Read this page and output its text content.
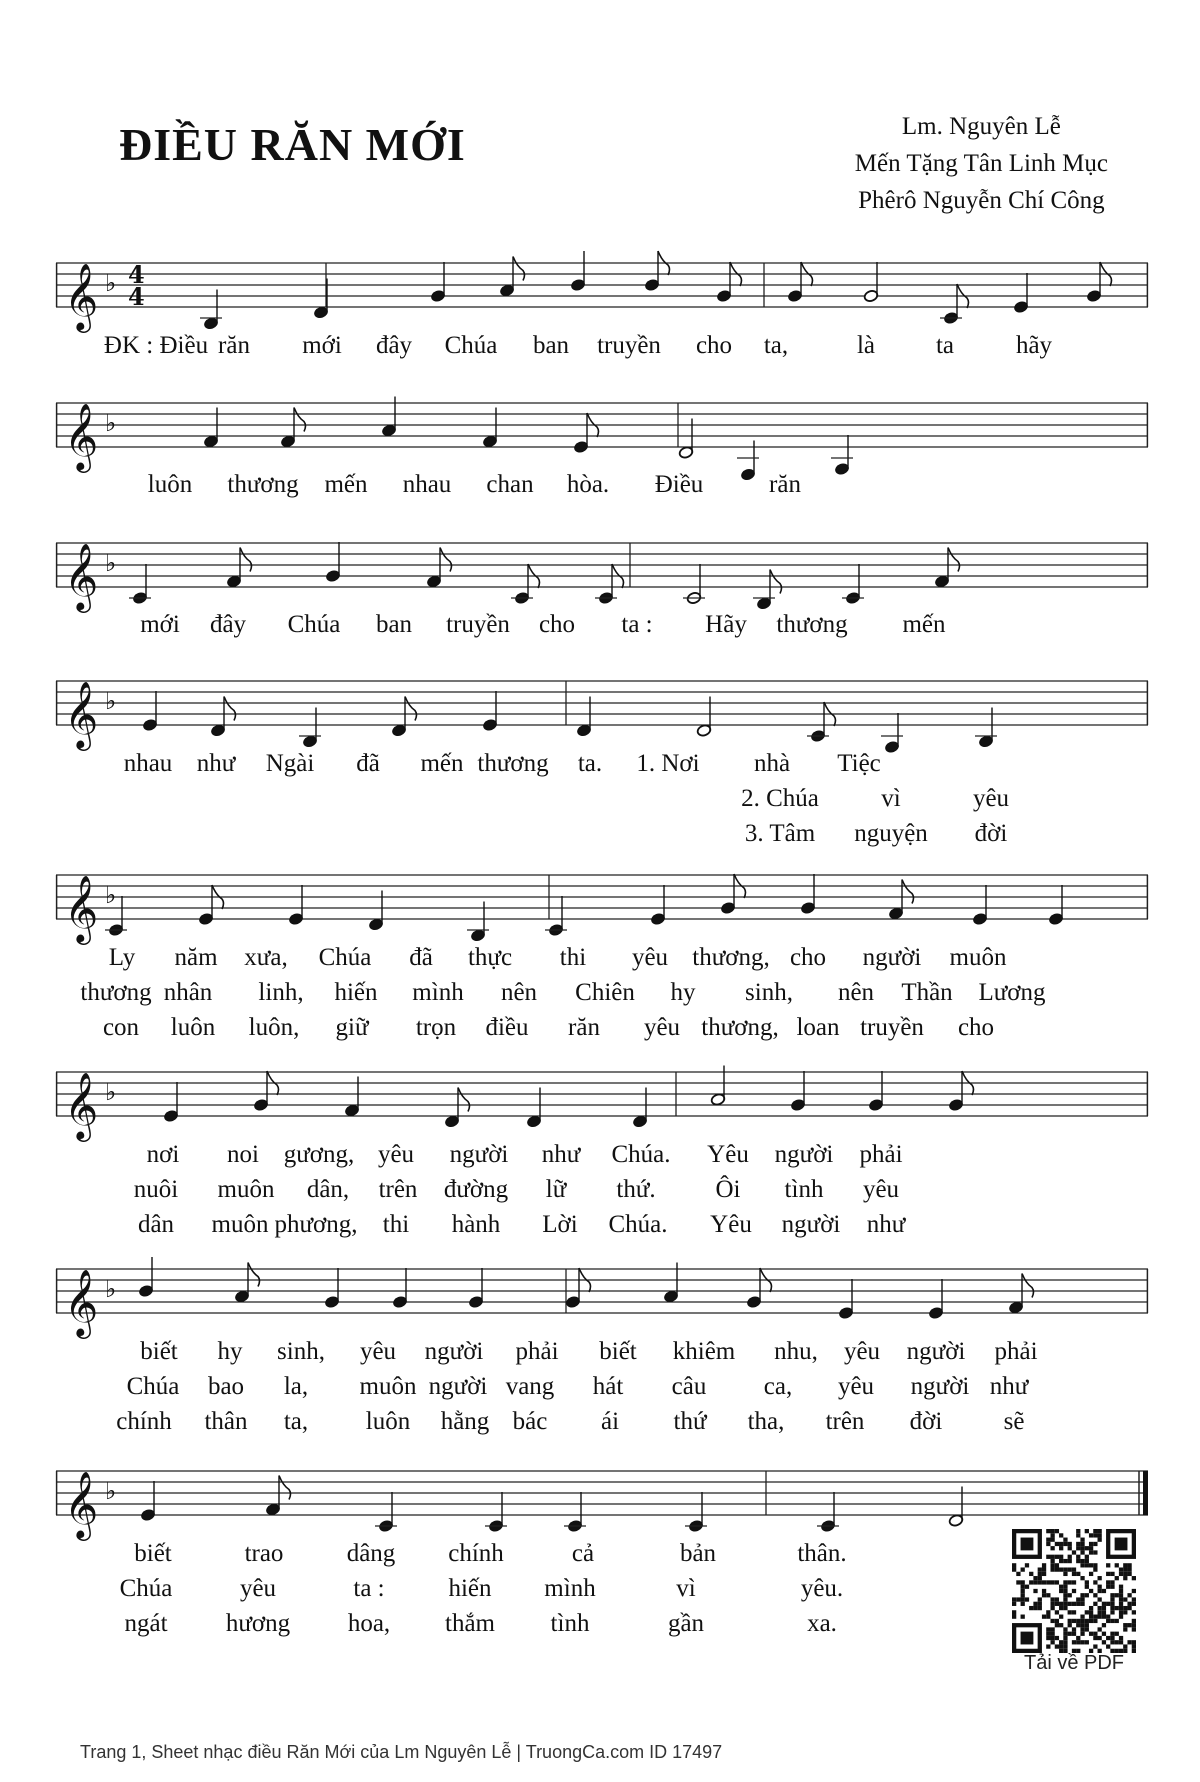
ĐIỀU RĂN MỚI	Lm. Nguyên Lễ
Mến Tặng Tân Linh Mục
Phêrô Nguyễn Chí Công
𝄞 ♭ 4
4
𝄞 ♭
𝄞 ♭
𝄞 ♭
𝄞 ♭
𝄞 ♭
𝄞 ♭
𝄞 ♭
Tải về PDF
Trang 1, Sheet nhạc điều Răn Mới của Lm Nguyên Lễ | TruongCa.com ID 17497
ĐK : Điều răn mới đây Chúa ban truyền cho ta,	là ta hãy
luôn thương mến nhau chan hòa. Điều	răn
mới đây Chúa ban truyền cho ta : Hãy thương mến
nhau như Ngài đã mến thương ta. 1. Nơi nhà Tiệc
2. Chúa vì	yêu
3. Tâm nguyện đời
Ly năm xưa, Chúa đã thực thi yêu thương, cho người muôn
thương nhân linh, hiến mình nên Chiên hy sinh, nên Thần Lương
con luôn luôn, giữ trọn điều răn yêu thương, loan truyền cho
nơi noi gương, yêu người như Chúa. Yêu người phải
nuôi muôn dân, trên đường lữ thứ. Ôi tình yêu
dân muôn phương, thi hành Lời Chúa. Yêu người như
biết hy sinh, yêu người phải biết khiêm nhu, yêu người phải
Chúa bao la, muôn người vang hát câu ca, yêu người như
chính thân ta, luôn hằng bác ái thứ tha, trên đời sẽ
biết	trao	dâng chính	cả	bản	thân.
Chúa	yêu	ta :	hiến mình	vì	yêu.
ngát hương hoa, thắm tình	gần	xa.
